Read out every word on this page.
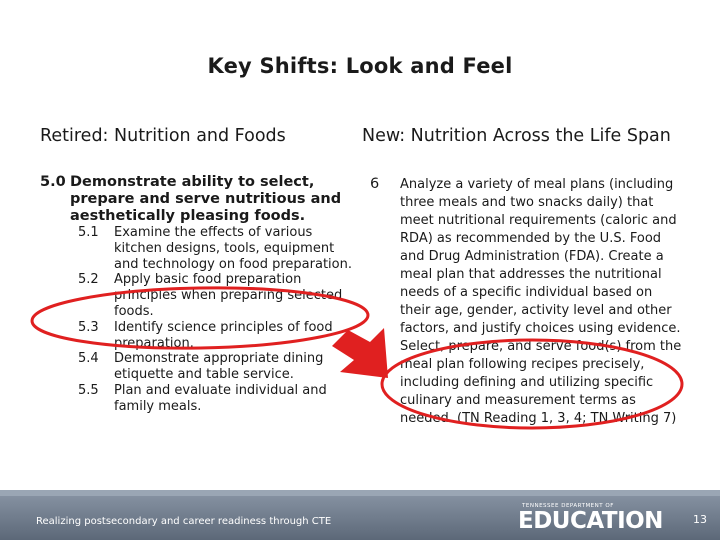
Key Shifts: Look and Feel
Retired: Nutrition and Foods	New: Nutrition Across the Life Span
5.0 Demonstrate ability to select, prepare and serve nutritious and aesthetically pleasing foods.
5.1 Examine the effects of various kitchen designs, tools, equipment and technology on food preparation.
5.2 Apply basic food preparation principles when preparing selected foods.
5.3 Identify science principles of food preparation.
5.4 Demonstrate appropriate dining etiquette and table service.
5.5 Plan and evaluate individual and family meals.
6 Analyze a variety of meal plans (including three meals and two snacks daily) that meet nutritional requirements (caloric and RDA) as recommended by the U.S. Food and Drug Administration (FDA). Create a meal plan that addresses the nutritional needs of a specific individual based on their age, gender, activity level and other factors, and justify choices using evidence. Select, prepare, and serve food(s) from the meal plan following recipes precisely, including defining and utilizing specific culinary and measurement terms as needed. (TN Reading 1, 3, 4; TN Writing 7)
Realizing postsecondary and career readiness through CTE
TENNESSEE DEPARTMENT OF
EDUCATION	13
